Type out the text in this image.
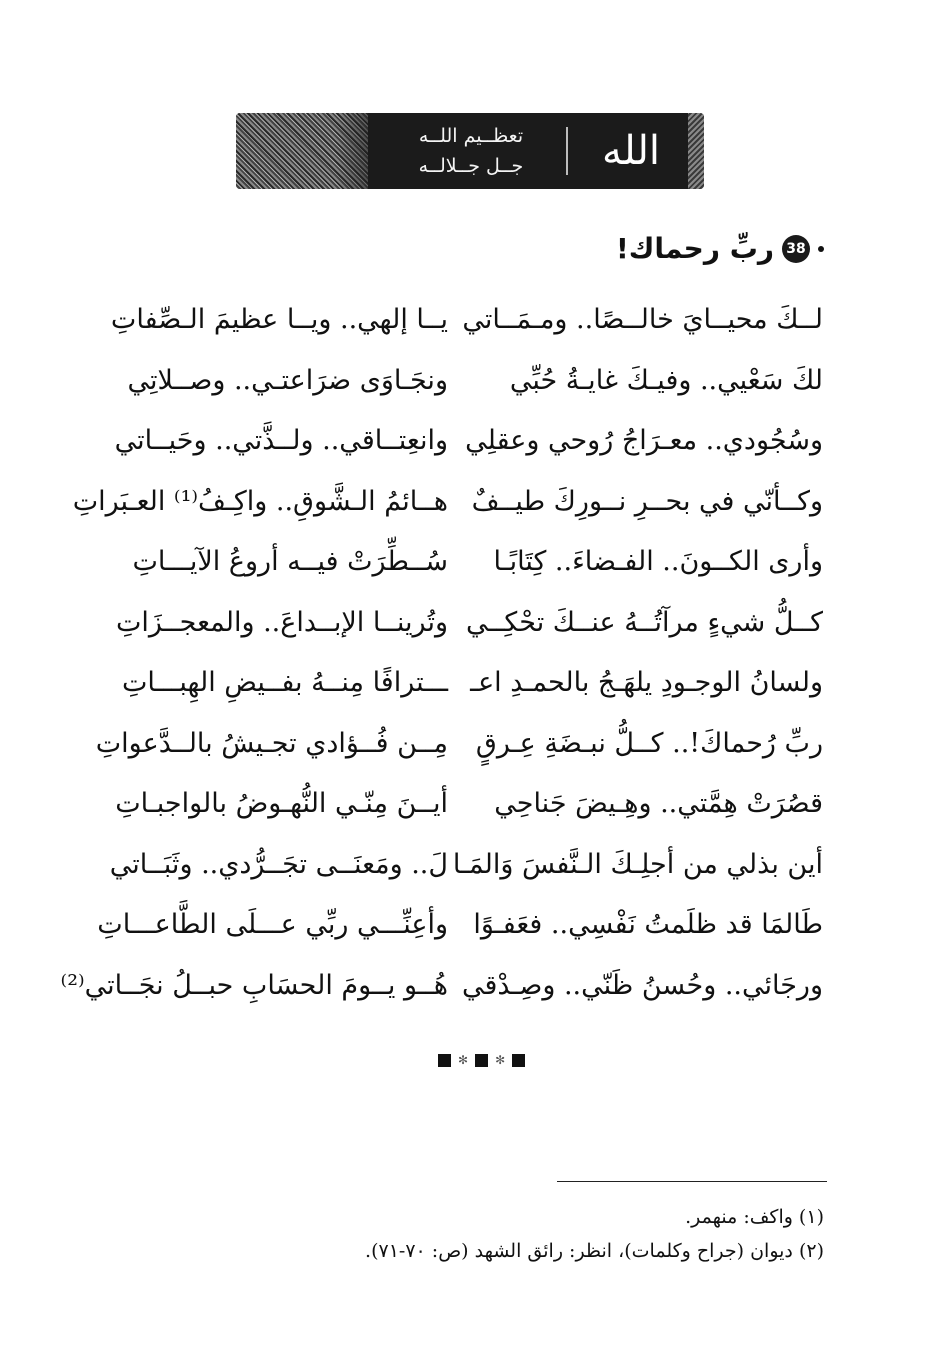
تعظــيم اللــه
جــل جــلالــه	الله
38
ربِّ رحماك!
لــكَ محيــايَ خالــصًا.. ومـمَــاتي
يــا إلهي.. ويــا عظيمَ الـصِّفاتِ
لكَ سَعْيي.. وفيـكَ غايـةُ حُبِّي
ونجَـاوَى ضرَاعتـي.. وصــلاتِي
وسُجُودي.. معـرَاجُ رُوحي وعقلِي
وانعِتــاقي.. ولــذَّتي.. وحَيــاتي
وكــأنّي في بحــرِ نــورِكَ طيــفٌ
هــائمُ الـشَّوقِ.. واكِـفُ⁽¹⁾ العـبَراتِ
وأرى الكــونَ.. الفـضاءَ.. كِتَابًـا
سُــطِّرَتْ فيــه أروعُ الآيـــاتِ
كــلُّ شيءٍ مرآتُــهُ عنــكَ تحْكِــي
وتُرينــا الإبــداعَ.. والمعجــزَاتِ
ولسانُ الوجـودِ يلهَـجُ بالحمـدِ اعـ
ـــترافًا مِنــهُ بفــيضِ الهِبـــاتِ
ربِّ رُحماكَ!.. كــلُّ نبـضَةِ عِـرقٍ
مِــن فُــؤادي تجـيشُ بالــدَّعواتِ
قصُرَتْ هِمَّتي.. وهِـيضَ جَناحِي
أيــنَ مِنّـي النُّهـوضُ بالواجبـاتِ
أين بذلي من أجلِـكَ الـنَّفسَ وَالمَـا
لَ.. ومَعنَــى تجَــرُّدي.. وثَبَــاتي
طَالمَا قد ظلَمتُ نَفْسِي.. فعَفـوًا
وأعِنِّـــي ربِّي عـــلَى الطَّاعـــاتِ
ورجَائي.. وحُسنُ ظَنّي.. وصِـدْقي
هُــو يــومَ الحسَابِ حبــلُ نجَــاتي⁽²⁾
✻ ✻
(١) واكف: منهمر.
(٢) ديوان (جراح وكلمات)، انظر: رائق الشهد (ص: ٧٠-٧١).
